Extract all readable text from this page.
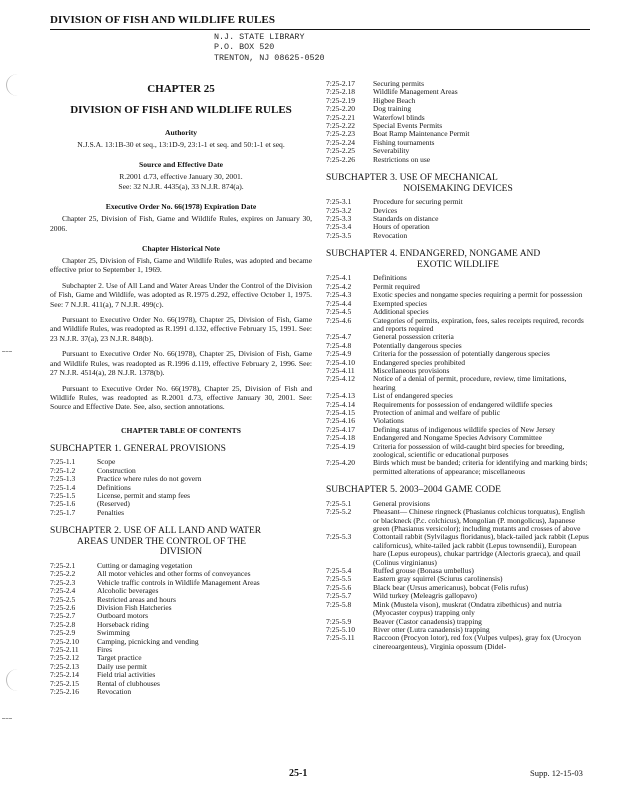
DIVISION OF FISH AND WILDLIFE RULES
N.J. STATE LIBRARY
P.O. BOX 520
TRENTON, NJ 08625-0520
CHAPTER 25
DIVISION OF FISH AND WILDLIFE RULES
Authority
N.J.S.A. 13:1B-30 et seq., 13:1D-9, 23:1-1 et seq. and 50:1-1 et seq.
Source and Effective Date
R.2001 d.73, effective January 30, 2001.
See: 32 N.J.R. 4435(a), 33 N.J.R. 874(a).
Executive Order No. 66(1978) Expiration Date
Chapter 25, Division of Fish, Game and Wildlife Rules, expires on January 30, 2006.
Chapter Historical Note
Chapter 25, Division of Fish, Game and Wildlife Rules, was adopted and became effective prior to September 1, 1969.
Subchapter 2. Use of All Land and Water Areas Under the Control of the Division of Fish, Game and Wildlife, was adopted as R.1975 d.292, effective October 1, 1975. See: 7 N.J.R. 411(a), 7 N.J.R. 499(c).
Pursuant to Executive Order No. 66(1978), Chapter 25, Division of Fish, Game and Wildlife Rules, was readopted as R.1991 d.132, effective February 15, 1991. See: 23 N.J.R. 37(a), 23 N.J.R. 848(b).
Pursuant to Executive Order No. 66(1978), Chapter 25, Division of Fish, Game and Wildlife Rules, was readopted as R.1996 d.119, effective February 2, 1996. See: 27 N.J.R. 4514(a), 28 N.J.R. 1378(b).
Pursuant to Executive Order No. 66(1978), Chapter 25, Division of Fish and Wildlife Rules, was readopted as R.2001 d.73, effective January 30, 2001. See: Source and Effective Date. See, also, section annotations.
CHAPTER TABLE OF CONTENTS
SUBCHAPTER 1. GENERAL PROVISIONS
7:25-1.1	Scope
7:25-1.2	Construction
7:25-1.3	Practice where rules do not govern
7:25-1.4	Definitions
7:25-1.5	License, permit and stamp fees
7:25-1.6	(Reserved)
7:25-1.7	Penalties
SUBCHAPTER 2. USE OF ALL LAND AND WATER
AREAS UNDER THE CONTROL OF THE
DIVISION
7:25-2.1	Cutting or damaging vegetation
7:25-2.2	All motor vehicles and other forms of conveyances
7:25-2.3	Vehicle traffic controls in Wildlife Management Areas
7:25-2.4	Alcoholic beverages
7:25-2.5	Restricted areas and hours
7:25-2.6	Division Fish Hatcheries
7:25-2.7	Outboard motors
7:25-2.8	Horseback riding
7:25-2.9	Swimming
7:25-2.10	Camping, picnicking and vending
7:25-2.11	Fires
7:25-2.12	Target practice
7:25-2.13	Daily use permit
7:25-2.14	Field trial activities
7:25-2.15	Rental of clubhouses
7:25-2.16	Revocation
7:25-2.17	Securing permits
7:25-2.18	Wildlife Management Areas
7:25-2.19	Higbee Beach
7:25-2.20	Dog training
7:25-2.21	Waterfowl blinds
7:25-2.22	Special Events Permits
7:25-2.23	Boat Ramp Maintenance Permit
7:25-2.24	Fishing tournaments
7:25-2.25	Severability
7:25-2.26	Restrictions on use
SUBCHAPTER 3. USE OF MECHANICAL
NOISEMAKING DEVICES
7:25-3.1	Procedure for securing permit
7:25-3.2	Devices
7:25-3.3	Standards on distance
7:25-3.4	Hours of operation
7:25-3.5	Revocation
SUBCHAPTER 4. ENDANGERED, NONGAME AND
EXOTIC WILDLIFE
7:25-4.1	Definitions
7:25-4.2	Permit required
7:25-4.3	Exotic species and nongame species requiring a permit for possession
7:25-4.4	Exempted species
7:25-4.5	Additional species
7:25-4.6	Categories of permits, expiration, fees, sales receipts required, records and reports required
7:25-4.7	General possession criteria
7:25-4.8	Potentially dangerous species
7:25-4.9	Criteria for the possession of potentially dangerous species
7:25-4.10	Endangered species prohibited
7:25-4.11	Miscellaneous provisions
7:25-4.12	Notice of a denial of permit, procedure, review, time limitations, hearing
7:25-4.13	List of endangered species
7:25-4.14	Requirements for possession of endangered wildlife species
7:25-4.15	Protection of animal and welfare of public
7:25-4.16	Violations
7:25-4.17	Defining status of indigenous wildlife species of New Jersey
7:25-4.18	Endangered and Nongame Species Advisory Committee
7:25-4.19	Criteria for possession of wild-caught bird species for breeding, zoological, scientific or educational purposes
7:25-4.20	Birds which must be banded; criteria for identifying and marking birds; permitted alterations of appearance; miscellaneous
SUBCHAPTER 5. 2003–2004 GAME CODE
7:25-5.1	General provisions
7:25-5.2	Pheasant— Chinese ringneck (Phasianus colchicus torquatus), English or blackneck (P.c. colchicus), Mongolian (P. mongolicus), Japanese green (Phasianus versicolor); including mutants and crosses of above
7:25-5.3	Cottontail rabbit (Sylvilagus floridanus), black-tailed jack rabbit (Lepus californicus), white-tailed jack rabbit (Lepus townsendii), European hare (Lepus europeus), chukar partridge (Alectoris graeca), and quail (Colinus virginianus)
7:25-5.4	Ruffed grouse (Bonasa umbellus)
7:25-5.5	Eastern gray squirrel (Sciurus carolinensis)
7:25-5.6	Black bear (Ursus americanus), bobcat (Felis rufus)
7:25-5.7	Wild turkey (Meleagris gallopavo)
7:25-5.8	Mink (Mustela vison), muskrat (Ondatra zibethicus) and nutria (Myocaster coypus) trapping only
7:25-5.9	Beaver (Castor canadensis) trapping
7:25-5.10	River otter (Lutra canadensis) trapping
7:25-5.11	Raccoon (Procyon lotor), red fox (Vulpes vulpes), gray fox (Urocyon cinereoargenteus), Virginia opossum (Didel-
25-1	Supp. 12-15-03
